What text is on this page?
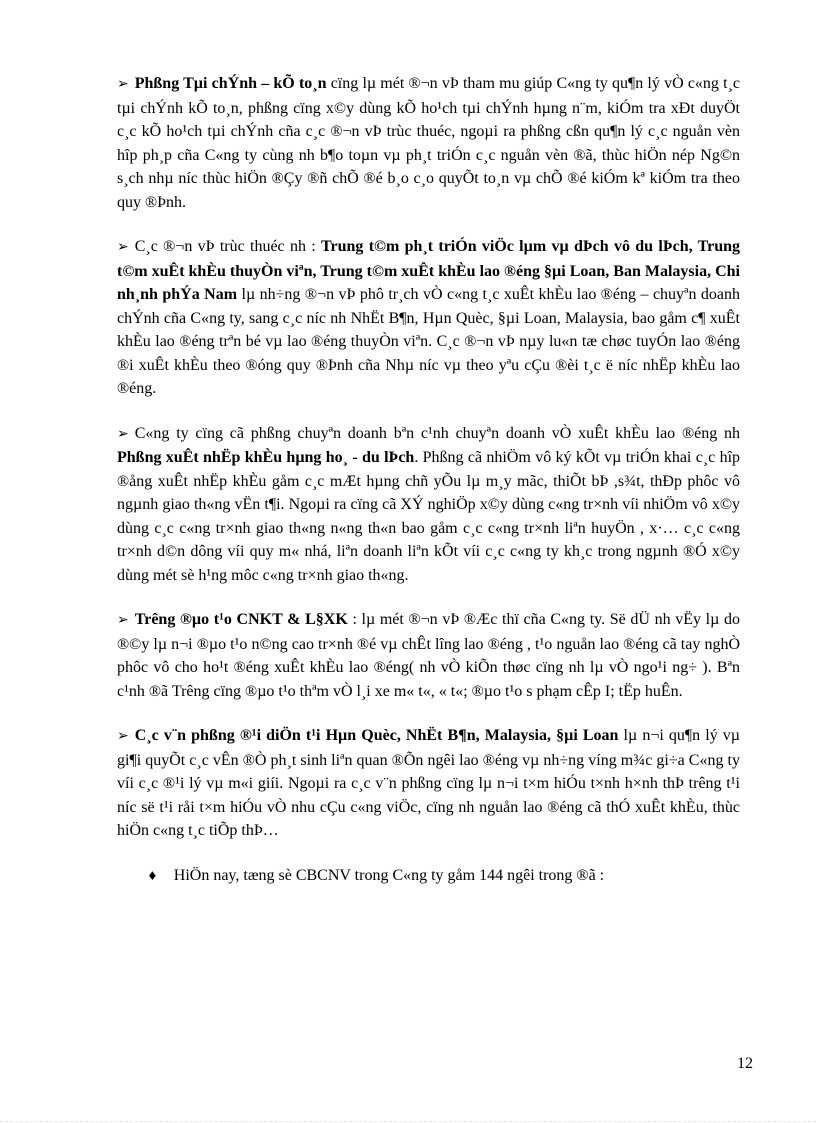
➢ Phßng Tµi chÝnh – kÕ to¸n cïng lµ mét ®¬n vÞ tham mu giúp C«ng ty qu¶n lý vÒ c«ng t¸c tµi chÝnh kÕ to¸n, phßng cïng x©y dùng kÕ ho¹ch tµi chÝnh hµng n¨m, kiÓm tra xÐt duyÖt c¸c kÕ ho¹ch tµi chÝnh cña c¸c ®¬n vÞ trùc thuéc, ngoµi ra phßng cßn qu¶n lý c¸c nguån vèn hîp ph¸p cña C«ng ty cùng nh b¶o toµn vµ ph¸t triÓn c¸c nguån vèn ®ã, thùc hiÖn nép Ng©n s¸ch nhµ níc thùc hiÖn ®Çy ®ñ chÕ ®é b¸o c¸o quyÕt to¸n vµ chÕ ®é kiÓm kª kiÓm tra theo quy ®Þnh.

➢ C¸c ®¬n vÞ trùc thuéc nh : Trung t©m ph¸t triÓn viÖc lµm vµ dÞch vô du lÞch, Trung t©m xuÊt khÈu thuyÒn viªn, Trung t©m xuÊt khÈu lao ®éng §µi Loan, Ban Malaysia, Chi nh¸nh phÝa Nam lµ nh÷ng ®¬n vÞ phô tr¸ch vÒ c«ng t¸c xuÊt khÈu lao ®éng – chuyªn doanh chÝnh cña C«ng ty, sang c¸c níc nh NhËt B¶n, Hµn Quèc, §µi Loan, Malaysia, bao gåm c¶ xuÊt khÈu lao ®éng trªn bé vµ lao ®éng thuyÒn viªn. C¸c ®¬n vÞ nµy lu«n tæ chøc tuyÓn lao ®éng ®i xuÊt khÈu theo ®óng quy ®Þnh cña Nhµ níc vµ theo yªu cÇu ®èi t¸c ë níc nhËp khÈu lao ®éng.

➢ C«ng ty cïng cã phßng chuyªn doanh bªn c¹nh chuyªn doanh vÒ xuÊt khÈu lao ®éng nh Phßng xuÊt nhËp khÈu hµng ho¸ - du lÞch. Phßng cã nhiÖm vô ký kÕt vµ triÓn khai c¸c hîp ®ång xuÊt nhËp khÈu gåm c¸c mÆt hµng chñ yÕu lµ m¸y mãc, thiÕt bÞ ,s¾t, thÐp phôc vô ngµnh giao th«ng vËn t¶i. Ngoµi ra cïng cã XÝ nghiÖp x©y dùng c«ng tr×nh víi nhiÖm vô x©y dùng c¸c c«ng tr×nh giao th«ng n«ng th«n bao gåm c¸c c«ng tr×nh liªn huyÖn , x·… c¸c c«ng tr×nh d©n dông víi quy m« nhá, liªn doanh liªn kÕt víi c¸c c«ng ty kh¸c trong ngµnh ®Ó x©y dùng mét sè h¹ng môc c«ng tr×nh giao th«ng.

➢ Trêng ®µo t¹o CNKT & L§XK : lµ mét ®¬n vÞ ®Æc thï cña C«ng ty. Së dÜ nh vËy lµ do ®©y lµ n¬i ®µo t¹o n©ng cao tr×nh ®é vµ chÊt lîng lao ®éng , t¹o nguån lao ®éng cã tay nghÒ phôc vô cho ho¹t ®éng xuÊt khÈu lao ®éng( nh vÒ kiÕn thøc cïng nh lµ vÒ ngo¹i ng÷ ). Bªn c¹nh ®ã Trêng cïng ®µo t¹o thªm vÒ l¸i xe m« t«, « t«; ®µo t¹o s phạm cÊp I; tËp huÊn.

➢ C¸c v¨n phßng ®¹i diÖn t¹i Hµn Quèc, NhËt B¶n, Malaysia, §µi Loan lµ n¬i qu¶n lý vµ gi¶i quyÕt c¸c vÊn ®Ò ph¸t sinh liªn quan ®Õn ngêi lao ®éng vµ nh÷ng víng m¾c gi÷a C«ng ty víi c¸c ®¹i lý vµ m«i giíi. Ngoµi ra c¸c v¨n phßng cïng lµ n¬i t×m hiÓu t×nh h×nh thÞ trêng t¹i níc së t¹i råi t×m hiÓu vÒ nhu cÇu c«ng viÖc, cïng nh nguån lao ®éng cã thÓ xuÊt khÈu, thùc hiÖn c«ng t¸c tiÕp thÞ…

♦ HiÖn nay, tæng sè CBCNV trong C«ng ty gåm 144 ngêi trong ®ã :
12
